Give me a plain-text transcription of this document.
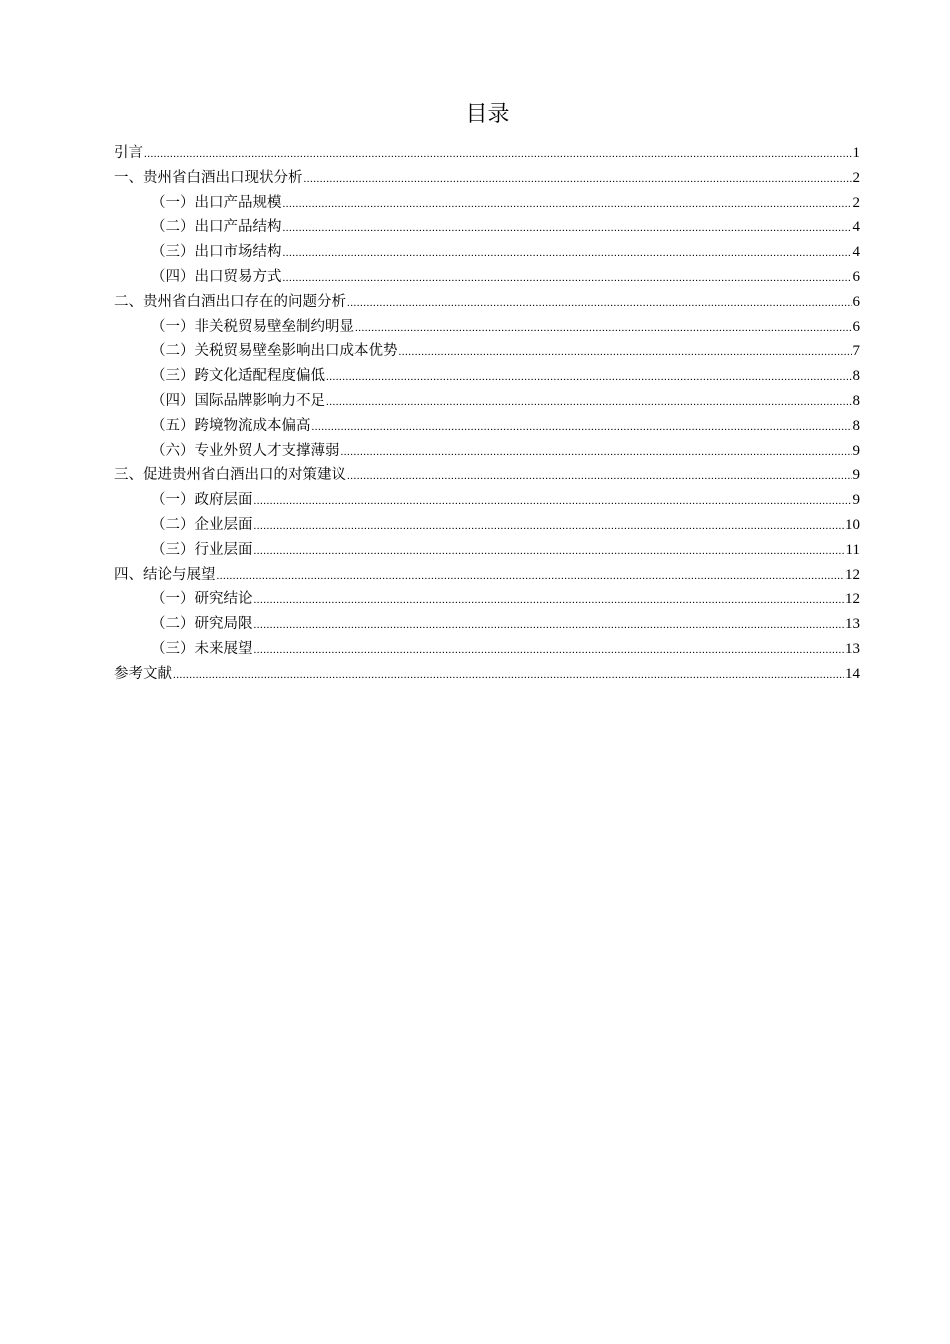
目录
引言 .....	1
一、贵州省白酒出口现状分析 .....	2
（一）出口产品规模 .....	2
（二）出口产品结构 .....	4
（三）出口市场结构 .....	4
（四）出口贸易方式 .....	6
二、贵州省白酒出口存在的问题分析 .....	6
（一）非关税贸易壁垒制约明显 .....	6
（二）关税贸易壁垒影响出口成本优势 .....	7
（三）跨文化适配程度偏低 .....	8
（四）国际品牌影响力不足 .....	8
（五）跨境物流成本偏高 .....	8
（六）专业外贸人才支撑薄弱 .....	9
三、促进贵州省白酒出口的对策建议 .....	9
（一）政府层面 .....	9
（二）企业层面 .....	10
（三）行业层面 .....	11
四、结论与展望 .....	12
（一）研究结论 .....	12
（二）研究局限 .....	13
（三）未来展望 .....	13
参考文献 .....	14
